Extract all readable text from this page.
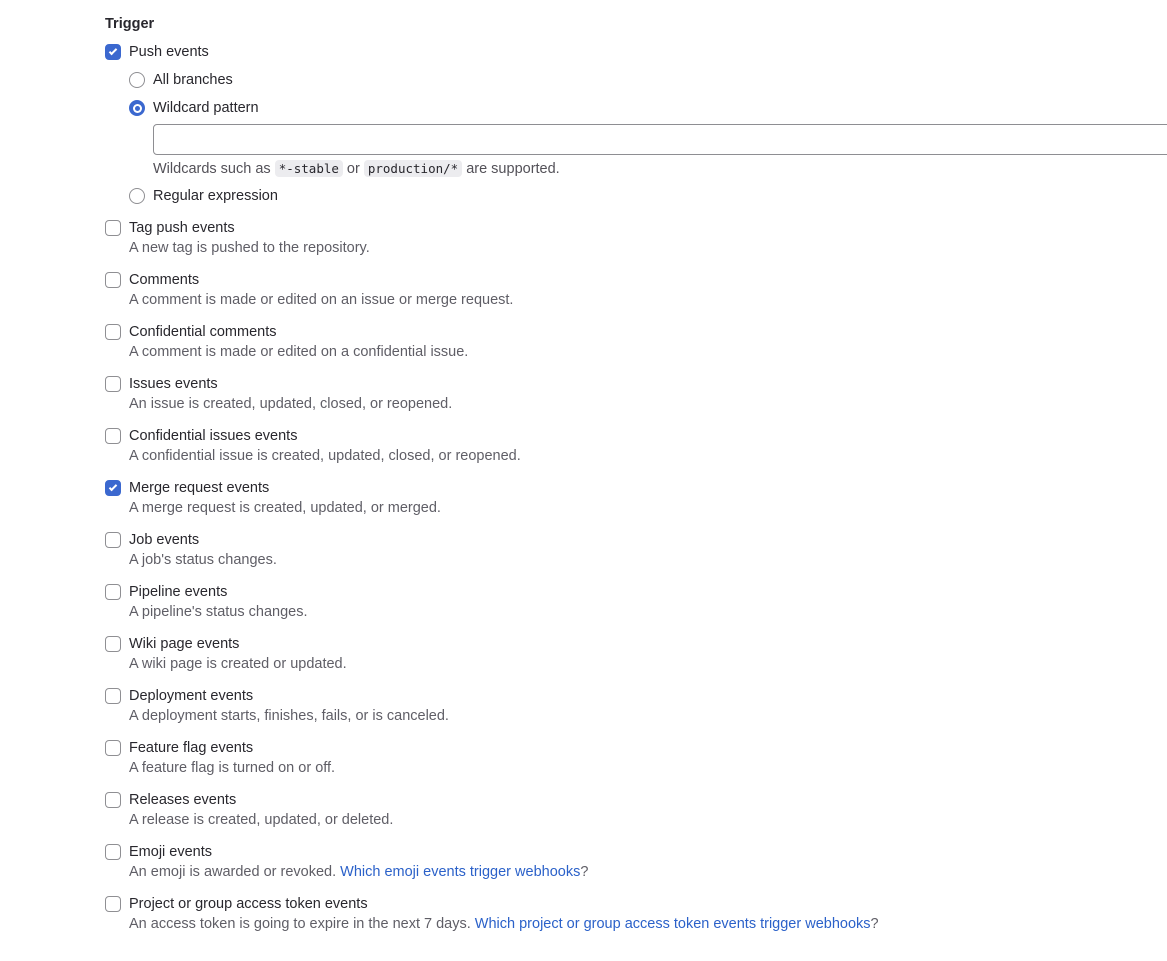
Trigger
Push events
All branches
Wildcard pattern
Wildcards such as *-stable or production/* are supported.
Regular expression
Tag push events
A new tag is pushed to the repository.
Comments
A comment is made or edited on an issue or merge request.
Confidential comments
A comment is made or edited on a confidential issue.
Issues events
An issue is created, updated, closed, or reopened.
Confidential issues events
A confidential issue is created, updated, closed, or reopened.
Merge request events
A merge request is created, updated, or merged.
Job events
A job's status changes.
Pipeline events
A pipeline's status changes.
Wiki page events
A wiki page is created or updated.
Deployment events
A deployment starts, finishes, fails, or is canceled.
Feature flag events
A feature flag is turned on or off.
Releases events
A release is created, updated, or deleted.
Emoji events
An emoji is awarded or revoked. Which emoji events trigger webhooks?
Project or group access token events
An access token is going to expire in the next 7 days. Which project or group access token events trigger webhooks?
